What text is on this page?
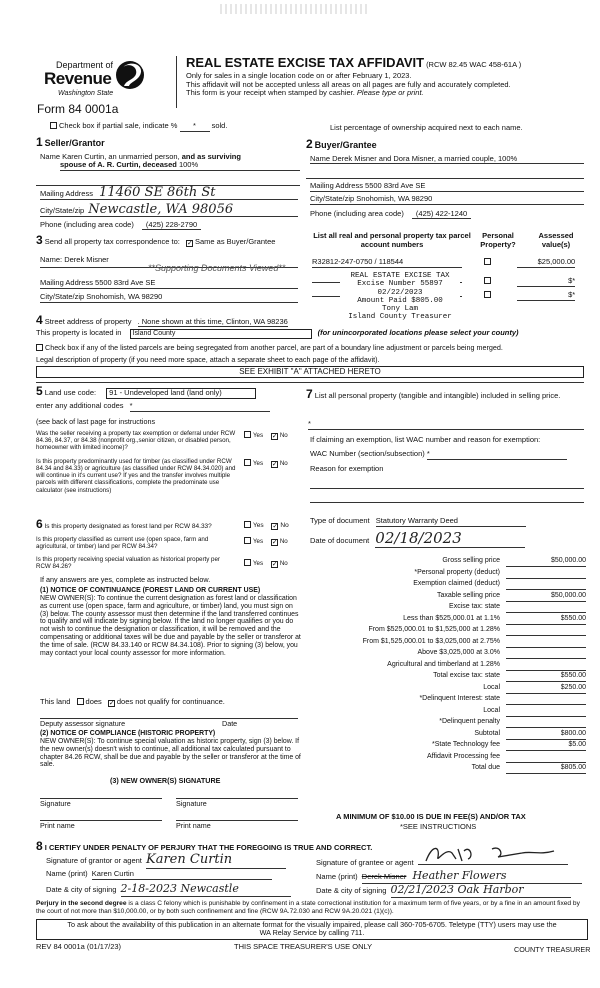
Department of
Revenue
Washington State
Form 84 0001a
REAL ESTATE EXCISE TAX AFFIDAVIT (RCW 82.45 WAC 458-61A )
Only for sales in a single location code on or after February 1, 2023.
This affidavit will not be accepted unless all areas on all pages are fully and accurately completed.
This form is your receipt when stamped by cashier. Please type or print.
Check box if partial sale, indicate % * sold.	List percentage of ownership acquired next to each name.
1 Seller/Grantor
Name Karen Curtin, an unmarried person, and as surviving
spouse of A. R. Curtin, deceased 100%
Mailing Address 11460 SE 86th St
City/State/zip Newcastle, WA 98056
Phone (including area code) (425) 228-2790
2 Buyer/Grantee
Name Derek Misner and Dora Misner, a married couple, 100%
Mailing Address 5500 83rd Ave SE
City/State/zip Snohomish, WA 98290
Phone (including area code) (425) 422-1240
3 Send all property tax correspondence to: ✓ Same as Buyer/Grantee
Name: Derek Misner
**Supporting Documents Viewed**
Mailing Address 5500 83rd Ave SE
City/State/zip Snohomish, WA 98290
List all real and personal property tax parcel account numbers
Personal Property?
Assessed value(s)
R32812-247-0750 / 118544	$25,000.00
$*
$*
REAL ESTATE EXCISE TAX
Excise Number 55897
02/22/2023
Amount Paid $805.00
Tony Lam
Island County Treasurer
4 Street address of property . None shown at this time, Clinton, WA 98236
This property is located in Island County	(for unincorporated locations please select your county)
Check box if any of the listed parcels are being segregated from another parcel, are part of a boundary line adjustment or parcels being merged.
Legal description of property (if you need more space, attach a separate sheet to each page of the affidavit).
SEE EXHIBIT "A" ATTACHED HERETO
5 Land use code: 91 - Undeveloped land (land only)
enter any additional codes *
(see back of last page for instructions
Was the seller receiving a property tax exemption or deferral under RCW 84.36, 84.37, or 84.38 (nonprofit org.,senior citizen, or disabled person, homeowner with limited income)?
Yes ✓	No
Is this property predominantly used for timber (as classified under RCW 84.34 and 84.33) or agriculture (as classified under RCW 84.34.020) and will continue in it's current use? If yes and the transfer involves multiple parcels with different classifications, complete the predominate use calculator (see instructions)
Yes ✓	No
7 List all personal property (tangible and intangible) included in selling price.
*
If claiming an exemption, list WAC number and reason for exemption:
WAC Number (section/subsection) *
Reason for exemption
Type of document Statutory Warranty Deed
Date of document 02/18/2023
6 Is this property designated as forest land per RCW 84.33?	Yes ✓	No
Is this property classified as current use (open space, farm and agricultural, or timber) land per RCW 84.34?
Yes ✓	No
Is this property receiving special valuation as historical property per RCW 84.26?	Yes ✓	No
If any answers are yes, complete as instructed below.
(1) NOTICE OF CONTINUANCE (FOREST LAND OR CURRENT USE)
NEW OWNER(S): To continue the current designation as forest land or classification as current use (open space, farm and agriculture, or timber) land, you must sign on (3) below. The county assessor must then determine if the land transferred continues to qualify and will indicate by signing below. If the land no longer qualifies or you do not wish to continue the designation or classification, it will be removed and the compensating or additional taxes will be due and payable by the seller or transferor at the time of sale. (RCW 84.33.140 or RCW 84.34.108). Prior to signing (3) below, you may contact your local county assessor for more information.
This land does ✓ does not qualify for continuance.
Deputy assessor signature	Date
(2) NOTICE OF COMPLIANCE (HISTORIC PROPERTY)
NEW OWNER(S): To continue special valuation as historic property, sign (3) below. If the new owner(s) doesn't wish to continue, all additional tax calculated pursuant to chapter 84.26 RCW, shall be due and payable by the seller or transferor at the time of sale.
(3) NEW OWNER(S) SIGNATURE
Signature	Signature
Print name	Print name
Gross selling price	$50,000.00
*Personal property (deduct)
Exemption claimed (deduct)
Taxable selling price	$50,000.00
Excise tax: state
Less than $525,000.01 at 1.1%	$550.00
From $525,000.01 to $1,525,000 at 1.28%
From $1,525,000.01 to $3,025,000 at 2.75%
Above $3,025,000 at 3.0%
Agricultural and timberland at 1.28%
Total excise tax: state	$550.00
Local	$250.00
*Delinquent Interest: state
Local
*Delinquent penalty
Subtotal	$800.00
*State Technology fee	$5.00
Affidavit Processing fee
Total due	$805.00
A MINIMUM OF $10.00 IS DUE IN FEE(S) AND/OR TAX
*SEE INSTRUCTIONS
8 I CERTIFY UNDER PENALTY OF PERJURY THAT THE FOREGOING IS TRUE AND CORRECT.
Signature of grantor or agent Karen Curtin
Name (print) Karen Curtin
Date & city of signing 2-18-2023 Newcastle
Signature of grantee or agent
Name (print) Derek Misner Heather Flowers
Date & city of signing 02/21/2023 Oak Harbor
Perjury in the second degree is a class C felony which is punishable by confinement in a state correctional institution for a maximum term of five years, or by a fine in an amount fixed by the court of not more than $10,000.00, or by both such confinement and fine (RCW 9A.72.030 and RCW 9A.20.021 (1)(c)).
To ask about the availability of this publication in an alternate format for the visually impaired, please call 360-705-6705. Teletype (TTY) users may use the WA Relay Service by calling 711.
REV 84 0001a (01/17/23)	THIS SPACE TREASURER'S USE ONLY	COUNTY TREASURER
